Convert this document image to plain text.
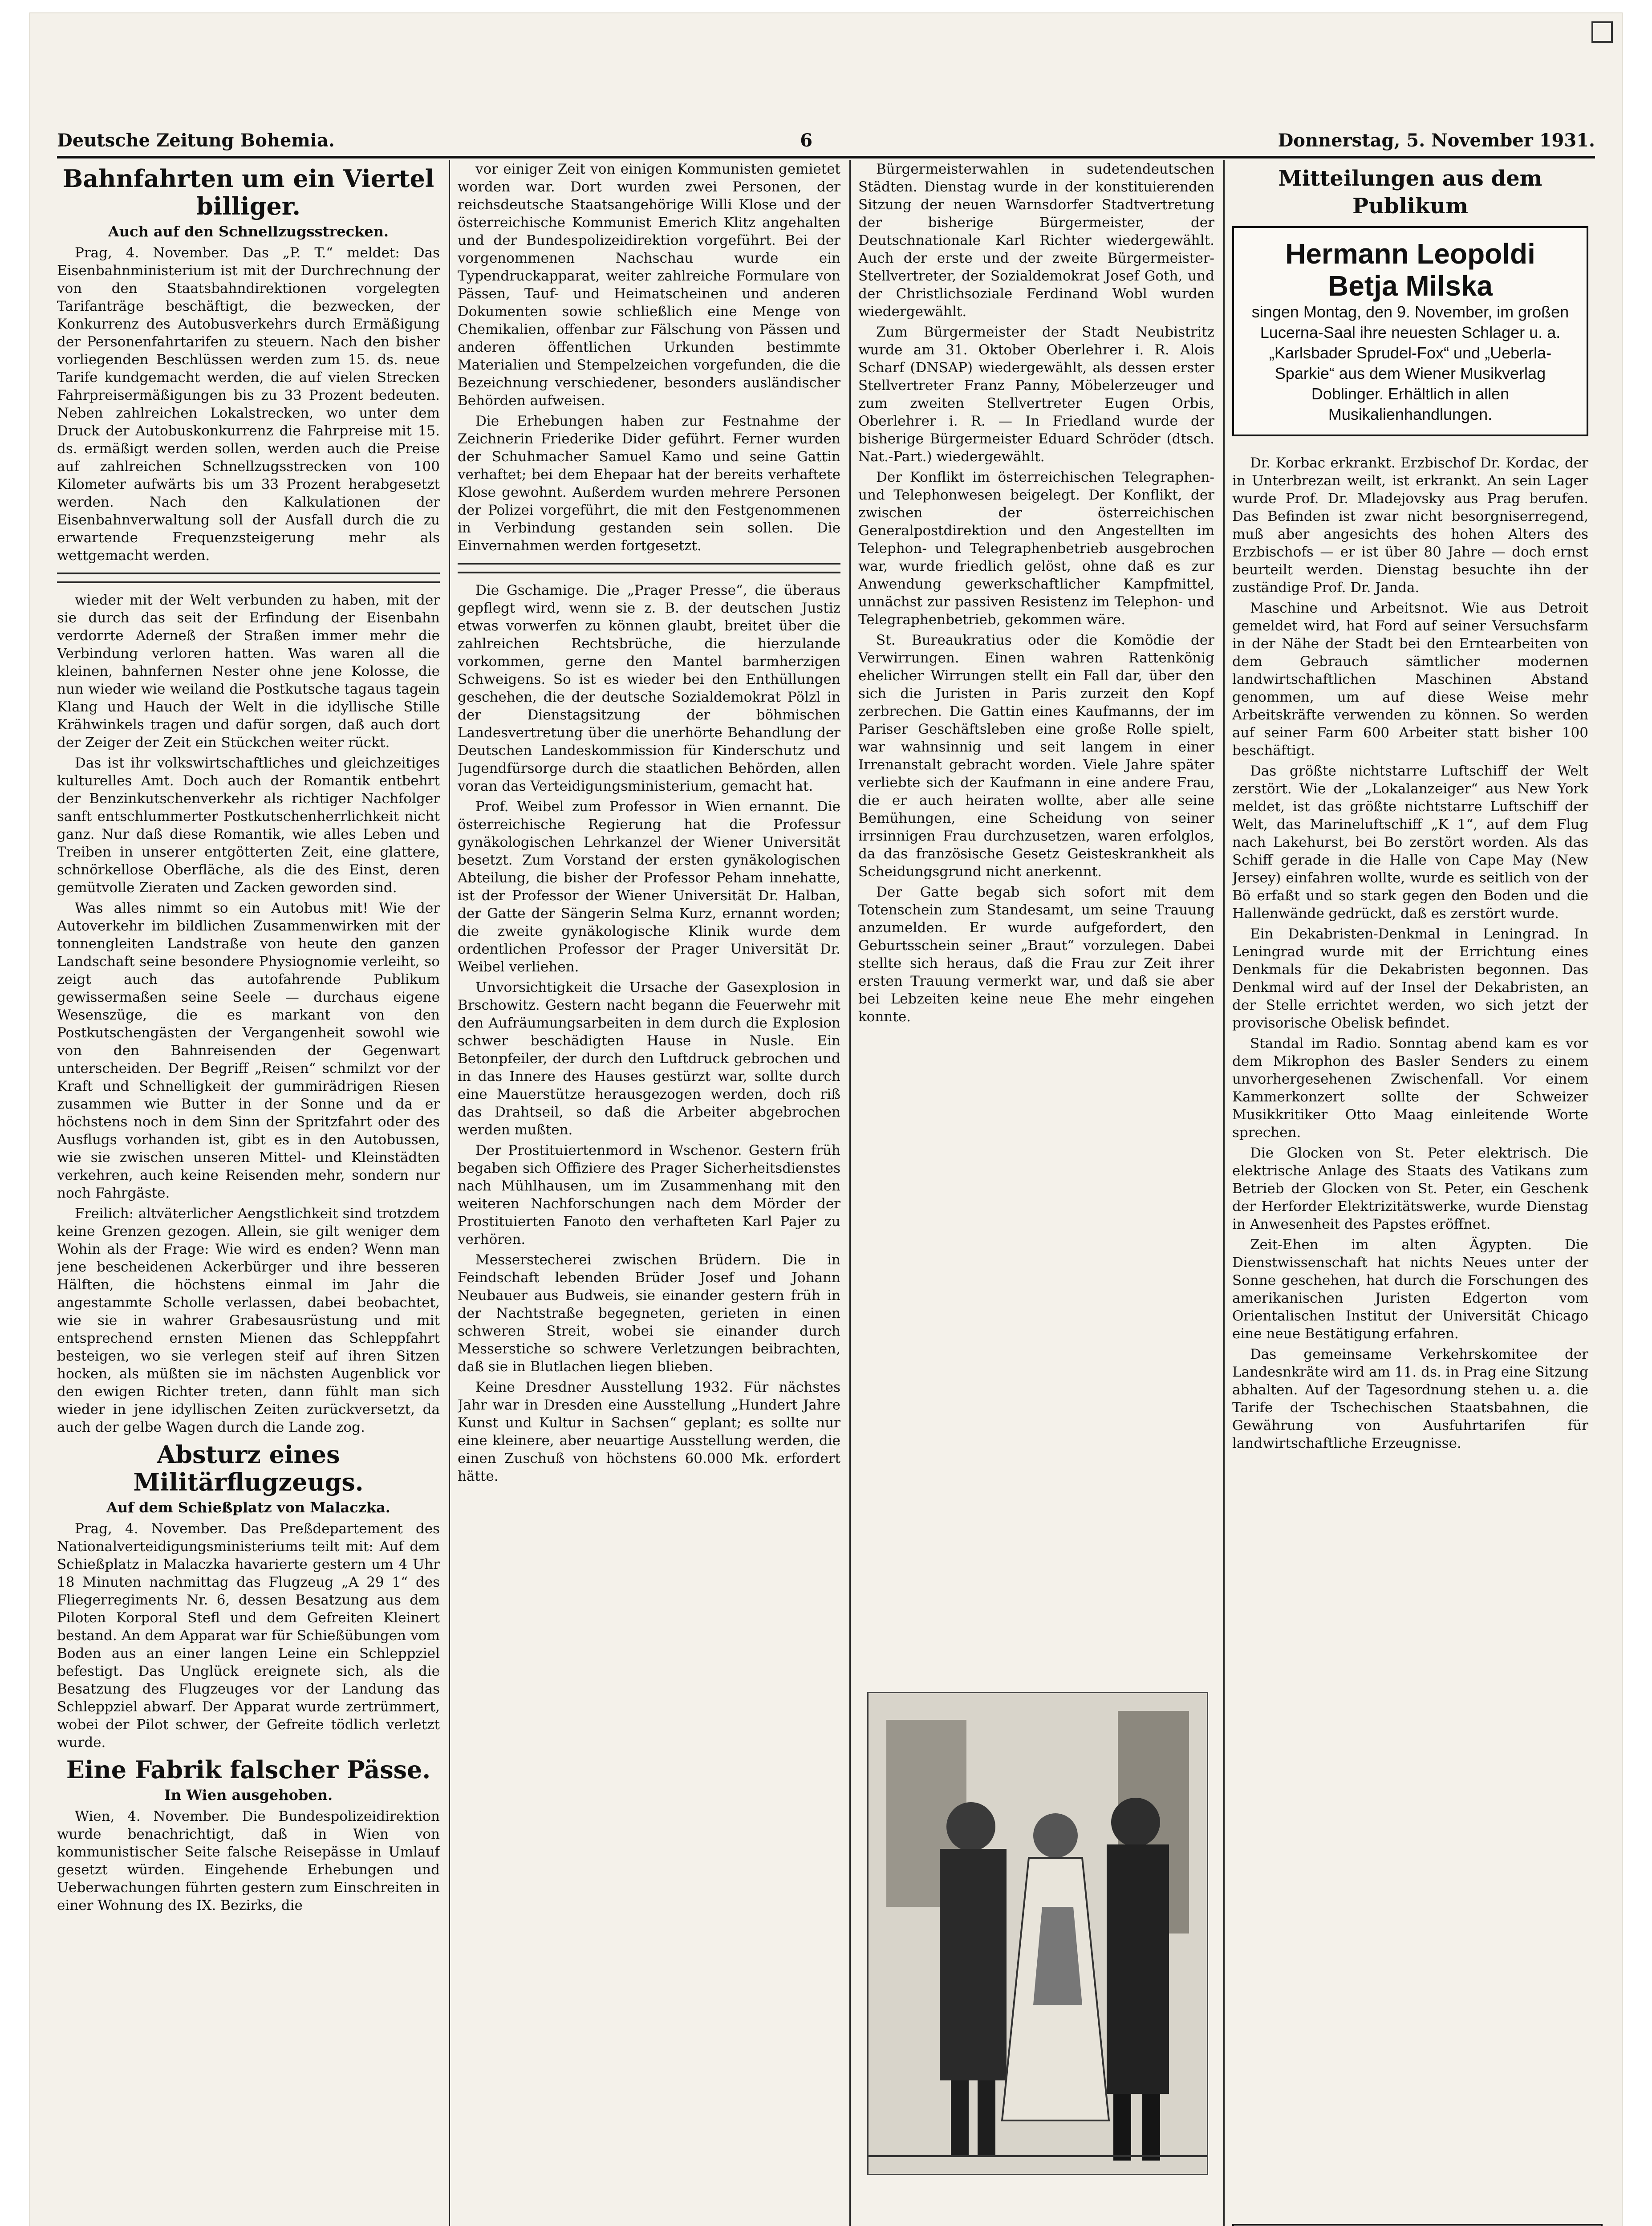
Deutsche Zeitung Bohemia.	6	Donnerstag, 5. November 1931.
Bahnfahrten um ein Viertel billiger.
Auch auf den Schnellzugsstrecken.

Prag, 4. November. Das „P. T.“ meldet: Das Eisenbahnministerium ist mit der Durchrechnung der von den Staatsbahndirektionen vorgelegten Tarifanträge beschäftigt, die bezwecken, der Konkurrenz des Autobusverkehrs durch Ermäßigung der Personenfahrtarifen zu steuern. Nach den bisher vorliegenden Beschlüssen werden zum 15. ds. neue Tarife kundgemacht werden, die auf vielen Strecken Fahrpreisermäßigungen bis zu 33 Prozent bedeuten. Neben zahlreichen Lokalstrecken, wo unter dem Druck der Autobuskonkurrenz die Fahrpreise mit 15. ds. ermäßigt werden sollen, werden auch die Preise auf zahlreichen Schnellzugsstrecken von 100 Kilometer aufwärts bis um 33 Prozent herabgesetzt werden. Nach den Kalkulationen der Eisenbahnverwaltung soll der Ausfall durch die zu erwartende Frequenzsteigerung mehr als wettgemacht werden.

wieder mit der Welt verbunden zu haben, mit der sie durch das seit der Erfindung der Eisenbahn verdorrte Aderneß der Straßen immer mehr die Verbindung verloren hatten. Was waren all die kleinen, bahnfernen Nester ohne jene Kolosse, die nun wieder wie weiland die Postkutsche tagaus tagein Klang und Hauch der Welt in die idyllische Stille Krähwinkels tragen und dafür sorgen, daß auch dort der Zeiger der Zeit ein Stückchen weiter rückt.

Das ist ihr volkswirtschaftliches und gleichzeitiges kulturelles Amt. Doch auch der Romantik entbehrt der Benzinkutschenverkehr als richtiger Nachfolger sanft entschlummerter Postkutschenherrlichkeit nicht ganz. Nur daß diese Romantik, wie alles Leben und Treiben in unserer entgötterten Zeit, eine glattere, schnörkellose Oberfläche, als die des Einst, deren gemütvolle Zieraten und Zacken geworden sind.

Was alles nimmt so ein Autobus mit! Wie der Autoverkehr im bildlichen Zusammenwirken mit der tonnengleiten Landstraße von heute den ganzen Landschaft seine besondere Physiognomie verleiht, so zeigt auch das autofahrende Publikum gewissermaßen seine Seele — durchaus eigene Wesenszüge, die es markant von den Postkutschengästen der Vergangenheit sowohl wie von den Bahnreisenden der Gegenwart unterscheiden. Der Begriff „Reisen“ schmilzt vor der Kraft und Schnelligkeit der gummirädrigen Riesen zusammen wie Butter in der Sonne und da er höchstens noch in dem Sinn der Spritzfahrt oder des Ausflugs vorhanden ist, gibt es in den Autobussen, wie sie zwischen unseren Mittel- und Kleinstädten verkehren, auch keine Reisenden mehr, sondern nur noch Fahrgäste.

Freilich: altväterlicher Aengstlichkeit sind trotzdem keine Grenzen gezogen. Allein, sie gilt weniger dem Wohin als der Frage: Wie wird es enden? Wenn man jene bescheidenen Ackerbürger und ihre besseren Hälften, die höchstens einmal im Jahr die angestammte Scholle verlassen, dabei beobachtet, wie sie in wahrer Grabesausrüstung und mit entsprechend ernsten Mienen das Schleppfahrt besteigen, wo sie verlegen steif auf ihren Sitzen hocken, als müßten sie im nächsten Augenblick vor den ewigen Richter treten, dann fühlt man sich wieder in jene idyllischen Zeiten zurückversetzt, da auch der gelbe Wagen durch die Lande zog.

Absturz eines Militärflugzeugs.
Auf dem Schießplatz von Malaczka.

Prag, 4. November. Das Preßdepartement des Nationalverteidigungsministeriums teilt mit: Auf dem Schießplatz in Malaczka havarierte gestern um 4 Uhr 18 Minuten nachmittag das Flugzeug „A 29 1“ des Fliegerregiments Nr. 6, dessen Besatzung aus dem Piloten Korporal Stefl und dem Gefreiten Kleinert bestand. An dem Apparat war für Schießübungen vom Boden aus an einer langen Leine ein Schleppziel befestigt. Das Unglück ereignete sich, als die Besatzung des Flugzeuges vor der Landung das Schleppziel abwarf. Der Apparat wurde zertrümmert, wobei der Pilot schwer, der Gefreite tödlich verletzt wurde.

Eine Fabrik falscher Pässe.
In Wien ausgehoben.

Wien, 4. November. Die Bundespolizeidirektion wurde benachrichtigt, daß in Wien von kommunistischer Seite falsche Reisepässe in Umlauf gesetzt würden. Eingehende Erhebungen und Ueberwachungen führten gestern zum Einschreiten in einer Wohnung des IX. Bezirks, die

vor einiger Zeit von einigen Kommunisten gemietet worden war. Dort wurden zwei Personen, der reichsdeutsche Staatsangehörige Willi Klose und der österreichische Kommunist Emerich Klitz angehalten und der Bundespolizeidirektion vorgeführt. Bei der vorgenommenen Nachschau wurde ein Typendruckapparat, weiter zahlreiche Formulare von Pässen, Tauf- und Heimatscheinen und anderen Dokumenten sowie schließlich eine Menge von Chemikalien, offenbar zur Fälschung von Pässen und anderen öffentlichen Urkunden bestimmte Materialien und Stempelzeichen vorgefunden, die die Bezeichnung verschiedener, besonders ausländischer Behörden aufweisen.

Die Erhebungen haben zur Festnahme der Zeichnerin Friederike Dider geführt. Ferner wurden der Schuhmacher Samuel Kamo und seine Gattin verhaftet; bei dem Ehepaar hat der bereits verhaftete Klose gewohnt. Außerdem wurden mehrere Personen der Polizei vorgeführt, die mit den Festgenommenen in Verbindung gestanden sein sollen. Die Einvernahmen werden fortgesetzt.

Die Gschamige. Die „Prager Presse“, die überaus gepflegt wird, wenn sie z. B. der deutschen Justiz etwas vorwerfen zu können glaubt, breitet über die zahlreichen Rechtsbrüche, die hierzulande vorkommen, gerne den Mantel barmherzigen Schweigens. So ist es wieder bei den Enthüllungen geschehen, die der deutsche Sozialdemokrat Pölzl in der Dienstagsitzung der böhmischen Landesvertretung über die unerhörte Behandlung der Deutschen Landeskommission für Kinderschutz und Jugendfürsorge durch die staatlichen Behörden, allen voran das Verteidigungsministerium, gemacht hat.

Prof. Weibel zum Professor in Wien ernannt. Die österreichische Regierung hat die Professur gynäkologischen Lehrkanzel der Wiener Universität besetzt. Zum Vorstand der ersten gynäkologischen Abteilung, die bisher der Professor Peham innehatte, ist der Professor der Wiener Universität Dr. Halban, der Gatte der Sängerin Selma Kurz, ernannt worden; die zweite gynäkologische Klinik wurde dem ordentlichen Professor der Prager Universität Dr. Weibel verliehen.

Unvorsichtigkeit die Ursache der Gasexplosion in Brschowitz. Gestern nacht begann die Feuerwehr mit den Aufräumungsarbeiten in dem durch die Explosion schwer beschädigten Hause in Nusle. Ein Betonpfeiler, der durch den Luftdruck gebrochen und in das Innere des Hauses gestürzt war, sollte durch eine Mauerstütze herausgezogen werden, doch riß das Drahtseil, so daß die Arbeiter abgebrochen werden mußten.

Der Prostituiertenmord in Wschenor. Gestern früh begaben sich Offiziere des Prager Sicherheitsdienstes nach Mühlhausen, um im Zusammenhang mit den weiteren Nachforschungen nach dem Mörder der Prostituierten Fanoto den verhafteten Karl Pajer zu verhören.

Messerstecherei zwischen Brüdern. Die in Feindschaft lebenden Brüder Josef und Johann Neubauer aus Budweis, sie einander gestern früh in der Nachtstraße begegneten, gerieten in einen schweren Streit, wobei sie einander durch Messerstiche so schwere Verletzungen beibrachten, daß sie in Blutlachen liegen blieben.

Keine Dresdner Ausstellung 1932. Für nächstes Jahr war in Dresden eine Ausstellung „Hundert Jahre Kunst und Kultur in Sachsen“ geplant; es sollte nur eine kleinere, aber neuartige Ausstellung werden, die einen Zuschuß von höchstens 60.000 Mk. erfordert hätte.

Bürgermeisterwahlen in sudetendeutschen Städten. Dienstag wurde in der konstituierenden Sitzung der neuen Warnsdorfer Stadtvertretung der bisherige Bürgermeister, der Deutschnationale Karl Richter wiedergewählt. Auch der erste und der zweite Bürgermeister-Stellvertreter, der Sozialdemokrat Josef Goth, und der Christlichsoziale Ferdinand Wobl wurden wiedergewählt.

Zum Bürgermeister der Stadt Neubistritz wurde am 31. Oktober Oberlehrer i. R. Alois Scharf (DNSAP) wiedergewählt, als dessen erster Stellvertreter Franz Panny, Möbelerzeuger und zum zweiten Stellvertreter Eugen Orbis, Oberlehrer i. R. — In Friedland wurde der bisherige Bürgermeister Eduard Schröder (dtsch. Nat.-Part.) wiedergewählt.

Der Konflikt im österreichischen Telegraphen- und Telephonwesen beigelegt. Der Konflikt, der zwischen der österreichischen Generalpostdirektion und den Angestellten im Telephon- und Telegraphenbetrieb ausgebrochen war, wurde friedlich gelöst, ohne daß es zur Anwendung gewerkschaftlicher Kampfmittel, unnächst zur passiven Resistenz im Telephon- und Telegraphenbetrieb, gekommen wäre.

St. Bureaukratius oder die Komödie der Verwirrungen. Einen wahren Rattenkönig ehelicher Wirrungen stellt ein Fall dar, über den sich die Juristen in Paris zurzeit den Kopf zerbrechen. Die Gattin eines Kaufmanns, der im Pariser Geschäftsleben eine große Rolle spielt, war wahnsinnig und seit langem in einer Irrenanstalt gebracht worden. Viele Jahre später verliebte sich der Kaufmann in eine andere Frau, die er auch heiraten wollte, aber alle seine Bemühungen, eine Scheidung von seiner irrsinnigen Frau durchzusetzen, waren erfolglos, da das französische Gesetz Geisteskrankheit als Scheidungsgrund nicht anerkennt.

Der Gatte begab sich sofort mit dem Totenschein zum Standesamt, um seine Trauung anzumelden. Er wurde aufgefordert, den Geburtsschein seiner „Braut“ vorzulegen. Dabei stellte sich heraus, daß die Frau zur Zeit ihrer ersten Trauung vermerkt war, und daß sie aber bei Lebzeiten keine neue Ehe mehr eingehen konnte.

Mitteilungen aus dem Publikum
Hermann Leopoldi
Betja Milska
singen Montag, den 9. November, im großen Lucerna-Saal ihre neuesten Schlager u. a. „Karlsbader Sprudel-Fox“ und „Ueberla-Sparkie“ aus dem Wiener Musikverlag Doblinger. Erhältlich in allen Musikalienhandlungen.

Dr. Korbac erkrankt. Erzbischof Dr. Kordac, der in Unterbrezan weilt, ist erkrankt. An sein Lager wurde Prof. Dr. Mladejovsky aus Prag berufen. Das Befinden ist zwar nicht besorgniserregend, muß aber angesichts des hohen Alters des Erzbischofs — er ist über 80 Jahre — doch ernst beurteilt werden. Dienstag besuchte ihn der zuständige Prof. Dr. Janda.

Maschine und Arbeitsnot. Wie aus Detroit gemeldet wird, hat Ford auf seiner Versuchsfarm in der Nähe der Stadt bei den Erntearbeiten von dem Gebrauch sämtlicher modernen landwirtschaftlichen Maschinen Abstand genommen, um auf diese Weise mehr Arbeitskräfte verwenden zu können. So werden auf seiner Farm 600 Arbeiter statt bisher 100 beschäftigt.

Das größte nichtstarre Luftschiff der Welt zerstört. Wie der „Lokalanzeiger“ aus New York meldet, ist das größte nichtstarre Luftschiff der Welt, das Marineluftschiff „K 1“, auf dem Flug nach Lakehurst, bei Bo zerstört worden. Als das Schiff gerade in die Halle von Cape May (New Jersey) einfahren wollte, wurde es seitlich von der Bö erfaßt und so stark gegen den Boden und die Hallenwände gedrückt, daß es zerstört wurde.

Ein Dekabristen-Denkmal in Leningrad. In Leningrad wurde mit der Errichtung eines Denkmals für die Dekabristen begonnen. Das Denkmal wird auf der Insel der Dekabristen, an der Stelle errichtet werden, wo sich jetzt der provisorische Obelisk befindet.

Standal im Radio. Sonntag abend kam es vor dem Mikrophon des Basler Senders zu einem unvorhergesehenen Zwischenfall. Vor einem Kammerkonzert sollte der Schweizer Musikkritiker Otto Maag einleitende Worte sprechen.

Die Glocken von St. Peter elektrisch. Die elektrische Anlage des Staats des Vatikans zum Betrieb der Glocken von St. Peter, ein Geschenk der Herforder Elektrizitätswerke, wurde Dienstag in Anwesenheit des Papstes eröffnet.

Zeit-Ehen im alten Ägypten. Die Dienstwissenschaft hat nichts Neues unter der Sonne geschehen, hat durch die Forschungen des amerikanischen Juristen Edgerton vom Orientalischen Institut der Universität Chicago eine neue Bestätigung erfahren.

Das gemeinsame Verkehrskomitee der Landesnkräte wird am 11. ds. in Prag eine Sitzung abhalten. Auf der Tagesordnung stehen u. a. die Tarife der Tschechischen Staatsbahnen, die Gewährung von Ausfuhrtarifen für landwirtschaftliche Erzeugnisse.
